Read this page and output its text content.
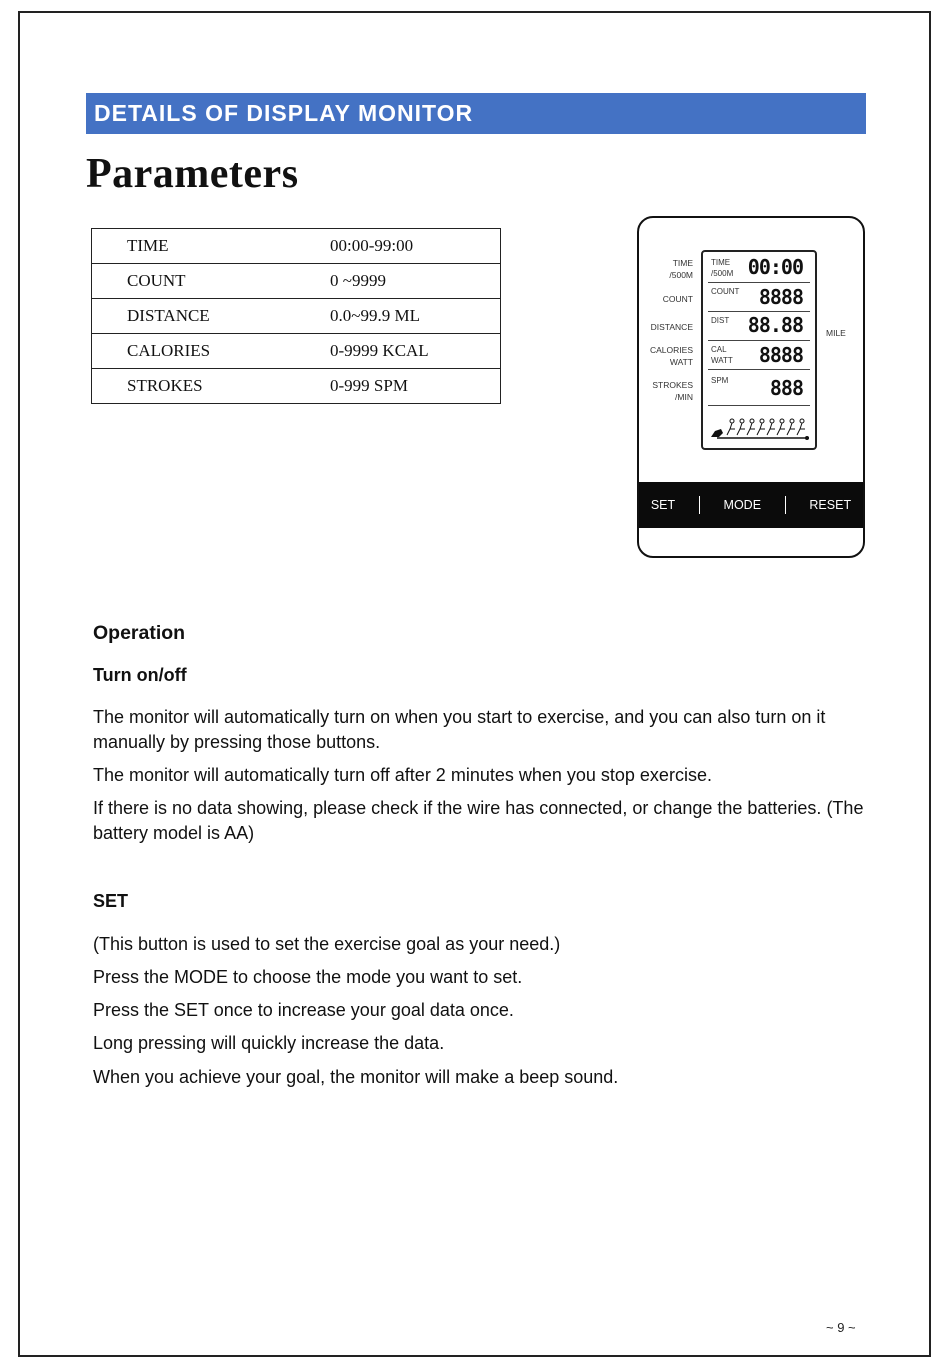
DETAILS OF DISPLAY MONITOR
Parameters
TIME	00:00-99:00
COUNT	0 ~9999
DISTANCE	0.0~99.9 ML
CALORIES	0-9999 KCAL
STROKES	0-999 SPM
TIME
/500M
COUNT
DISTANCE
CALORIES
WATT
STROKES
/MIN
MILE
TIME
/500M 00:00
COUNT 8888
DIST 88.88
CAL
WATT 8888
SPM 888
SET	MODE	RESET
Operation
Turn on/off

The monitor will automatically turn on when you start to exercise, and you can also turn on it manually by pressing those buttons.

The monitor will automatically turn off after 2 minutes when you stop exercise.

If there is no data showing, please check if the wire has connected, or change the batteries. (The battery model is AA)

SET

(This button is used to set the exercise goal as your need.)

Press the MODE to choose the mode you want to set.

Press the SET once to increase your goal data once.

Long pressing will quickly increase the data.

When you achieve your goal, the monitor will make a beep sound.

~ 9 ~
